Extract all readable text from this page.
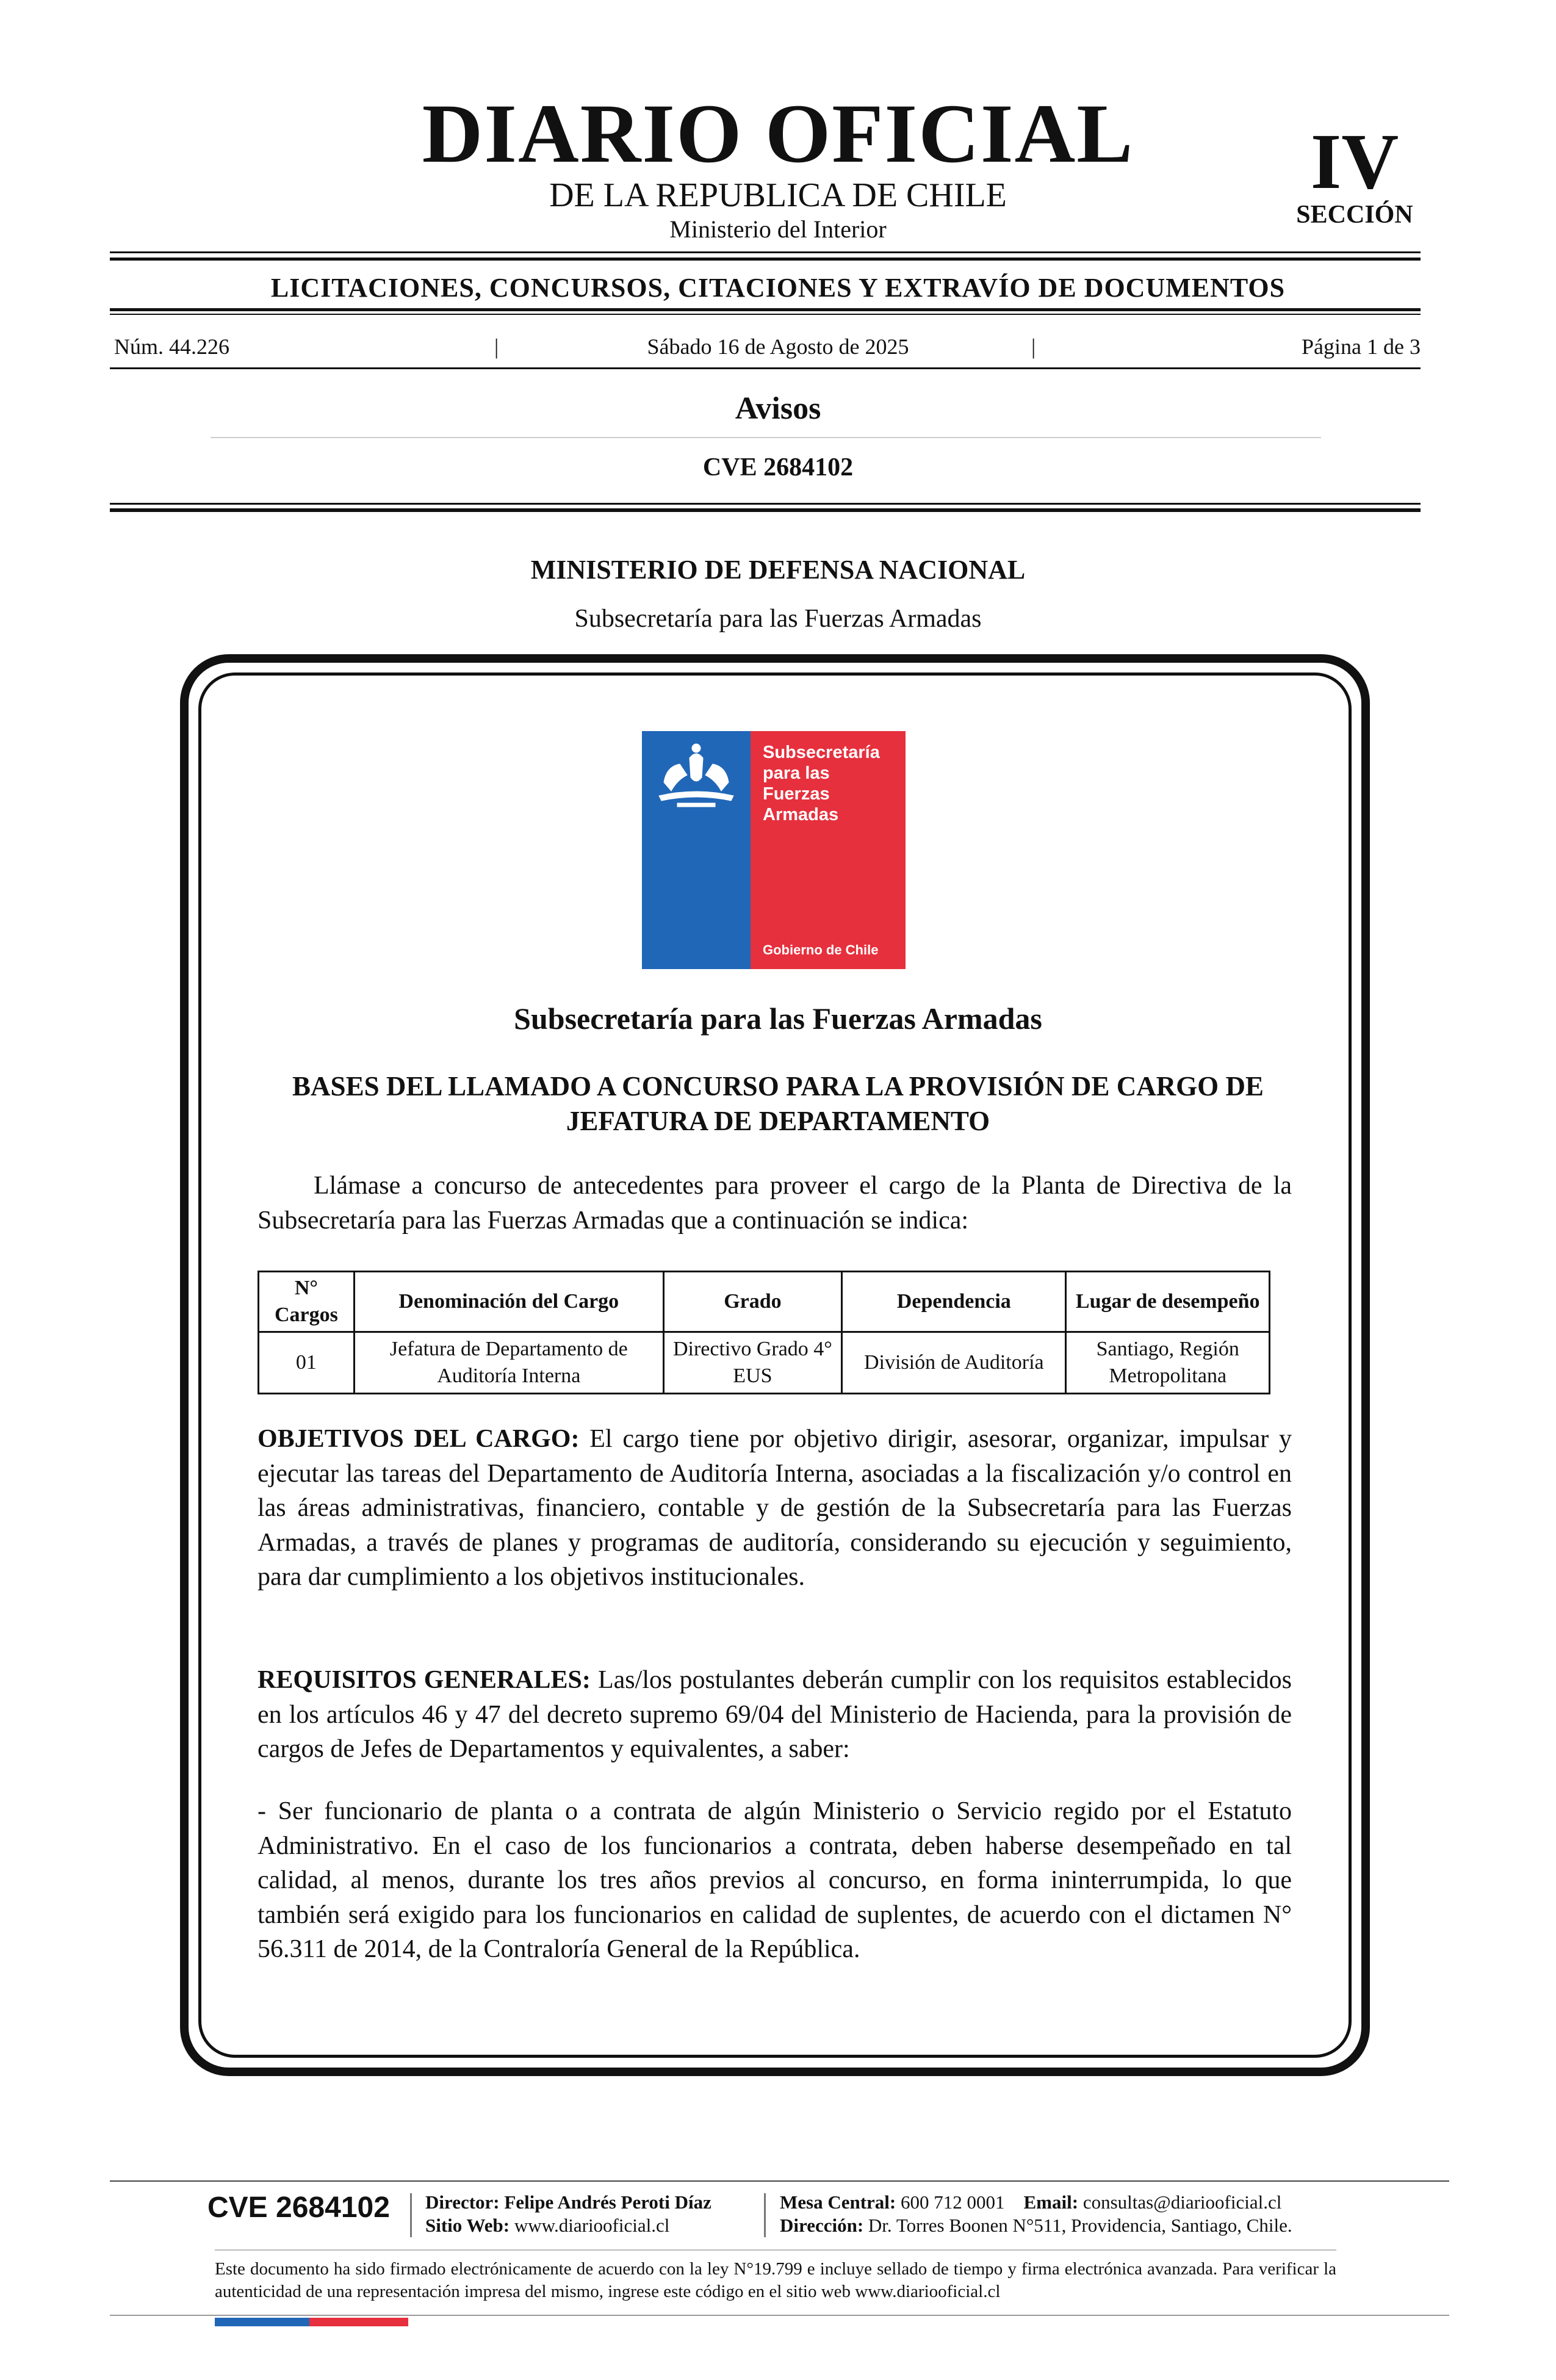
DIARIO OFICIAL
DE LA REPUBLICA DE CHILE
Ministerio del Interior
IV
SECCIÓN
LICITACIONES, CONCURSOS, CITACIONES Y EXTRAVÍO DE DOCUMENTOS
Núm. 44.226	|	Sábado 16 de Agosto de 2025	|	Página 1 de 3
Avisos
CVE 2684102
MINISTERIO DE DEFENSA NACIONAL
Subsecretaría para las Fuerzas Armadas
Subsecretaría
para las
Fuerzas
Armadas
Gobierno de Chile
Subsecretaría para las Fuerzas Armadas
BASES DEL LLAMADO A CONCURSO PARA LA PROVISIÓN DE CARGO DE
JEFATURA DE DEPARTAMENTO
Llámase a concurso de antecedentes para proveer el cargo de la Planta de Directiva de la Subsecretaría para las Fuerzas Armadas que a continuación se indica:
N° Cargos	Denominación del Cargo	Grado	Dependencia	Lugar de desempeño
01	Jefatura de Departamento de Auditoría Interna	Directivo Grado 4° EUS	División de Auditoría	Santiago, Región Metropolitana
OBJETIVOS DEL CARGO: El cargo tiene por objetivo dirigir, asesorar, organizar, impulsar y ejecutar las tareas del Departamento de Auditoría Interna, asociadas a la fiscalización y/o control en las áreas administrativas, financiero, contable y de gestión de la Subsecretaría para las Fuerzas Armadas, a través de planes y programas de auditoría, considerando su ejecución y seguimiento, para dar cumplimiento a los objetivos institucionales.
REQUISITOS GENERALES: Las/los postulantes deberán cumplir con los requisitos establecidos en los artículos 46 y 47 del decreto supremo 69/04 del Ministerio de Hacienda, para la provisión de cargos de Jefes de Departamentos y equivalentes, a saber:
- Ser funcionario de planta o a contrata de algún Ministerio o Servicio regido por el Estatuto Administrativo. En el caso de los funcionarios a contrata, deben haberse desempeñado en tal calidad, al menos, durante los tres años previos al concurso, en forma ininterrumpida, lo que también será exigido para los funcionarios en calidad de suplentes, de acuerdo con el dictamen N° 56.311 de 2014, de la Contraloría General de la República.
CVE 2684102 Director: Felipe Andrés Peroti Díaz
Sitio Web: www.diariooficial.cl
Mesa Central: 600 712 0001 Email: consultas@diariooficial.cl
Dirección: Dr. Torres Boonen N°511, Providencia, Santiago, Chile.
Este documento ha sido firmado electrónicamente de acuerdo con la ley N°19.799 e incluye sellado de tiempo y firma electrónica avanzada. Para verificar la autenticidad de una representación impresa del mismo, ingrese este código en el sitio web www.diariooficial.cl
